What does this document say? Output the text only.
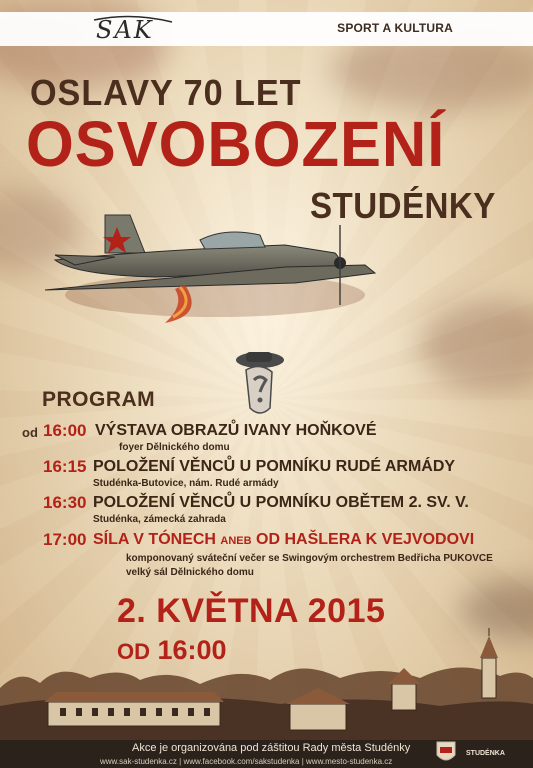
SAK	SPORT A KULTURA
OSLAVY 70 LET
OSVOBOZENÍ
STUDÉNKY
PROGRAM
od 16:00 VÝSTAVA OBRAZŮ IVANY HOŇKOVÉ
foyer Dělnického domu
16:15 POLOŽENÍ VĚNCŮ U POMNÍKU RUDÉ ARMÁDY
Studénka-Butovice, nám. Rudé armády
16:30 POLOŽENÍ VĚNCŮ U POMNÍKU OBĚTEM 2. SV. V.
Studénka, zámecká zahrada
17:00 SÍLA V TÓNECH ANEB OD HAŠLERA K VEJVODOVI
komponovaný sváteční večer se Swingovým orchestrem Bedřicha PUKOVCE
velký sál Dělnického domu
2. KVĚTNA 2015
OD 16:00
Akce je organizována pod záštitou Rady města Studénky
www.sak-studenka.cz | www.facebook.com/sakstudenka | www.mesto-studenka.cz
STUDÉNKA
